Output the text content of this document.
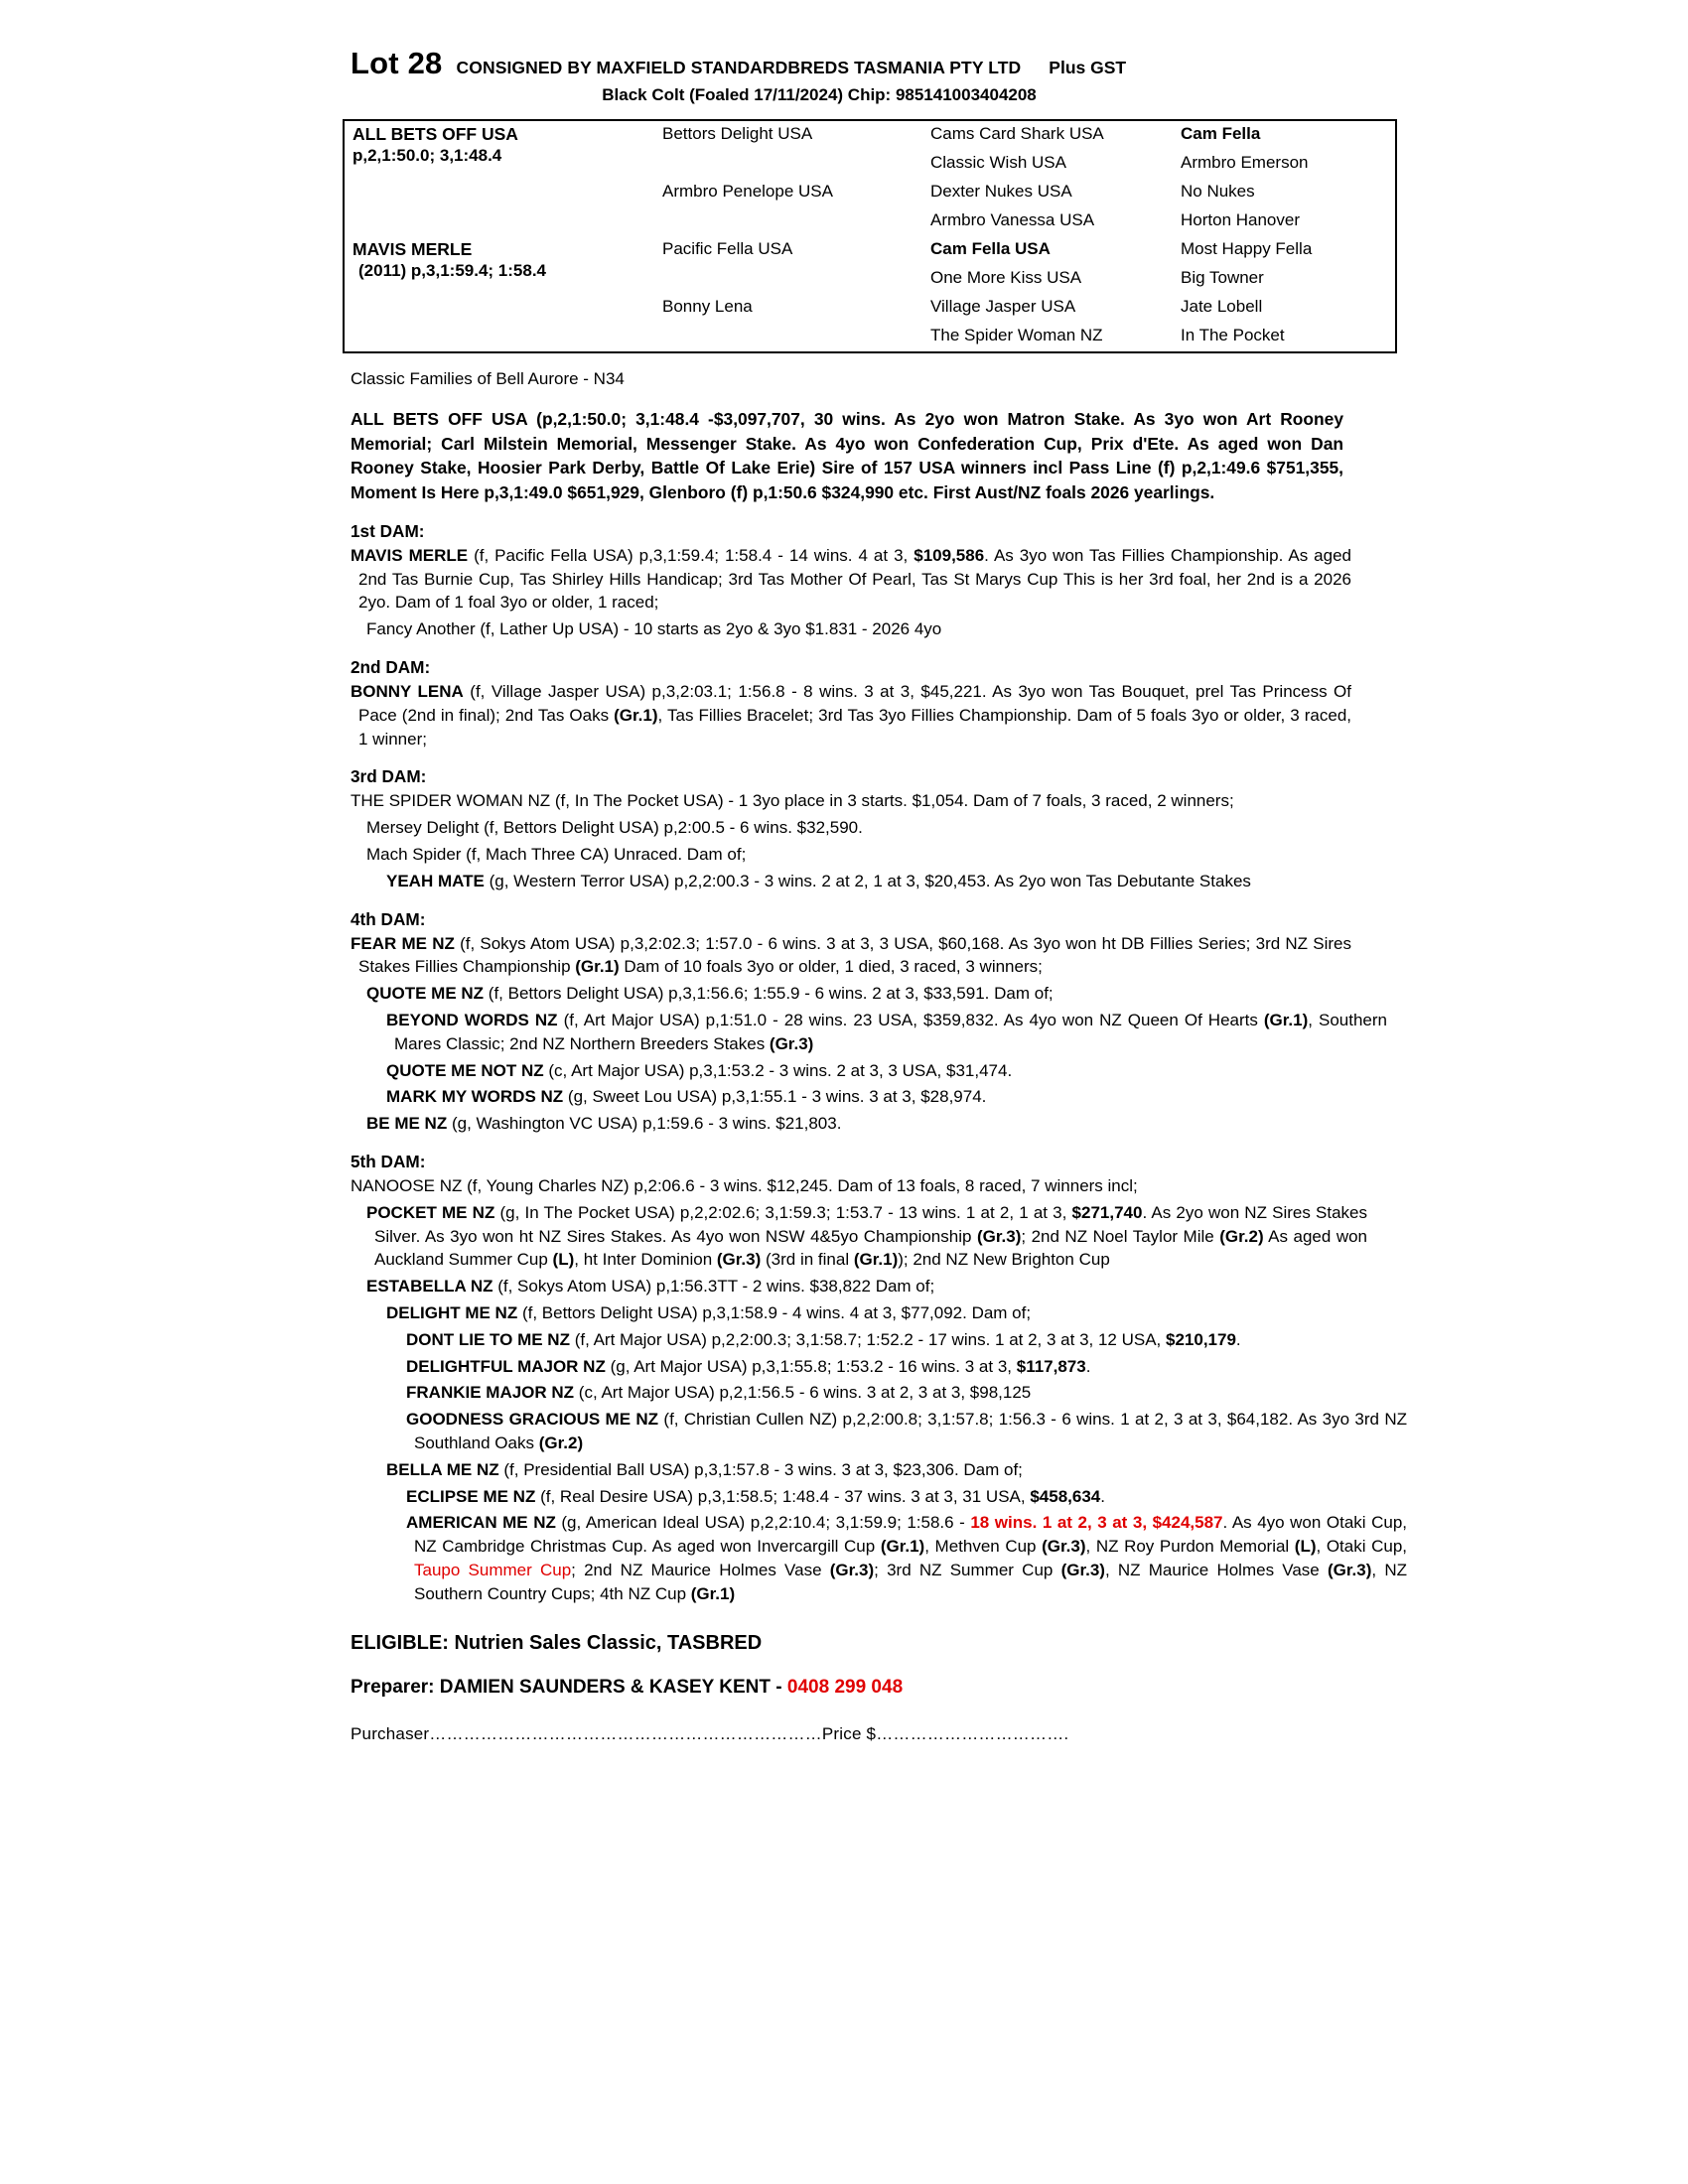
Lot 28 CONSIGNED BY MAXFIELD STANDARDBREDS TASMANIA PTY LTD Plus GST
Black Colt (Foaled 17/11/2024) Chip: 985141003404208
ALL BETS OFF USA
p,2,1:50.0; 3,1:48.4	Bettors Delight USA	Cams Card Shark USA	Cam Fella
		Classic Wish USA	Armbro Emerson
	Armbro Penelope USA	Dexter Nukes USA	No Nukes
		Armbro Vanessa USA	Horton Hanover

MAVIS MERLE
(2011) p,3,1:59.4; 1:58.4	Pacific Fella USA	Cam Fella USA	Most Happy Fella
		One More Kiss USA	Big Towner
	Bonny Lena	Village Jasper USA	Jate Lobell
		The Spider Woman NZ	In The Pocket
Classic Families of Bell Aurore - N34
ALL BETS OFF USA (p,2,1:50.0; 3,1:48.4 -$3,097,707, 30 wins. As 2yo won Matron Stake. As 3yo won Art Rooney Memorial; Carl Milstein Memorial, Messenger Stake. As 4yo won Confederation Cup, Prix d'Ete. As aged won Dan Rooney Stake, Hoosier Park Derby, Battle Of Lake Erie) Sire of 157 USA winners incl Pass Line (f) p,2,1:49.6 $751,355, Moment Is Here p,3,1:49.0 $651,929, Glenboro (f) p,1:50.6 $324,990 etc. First Aust/NZ foals 2026 yearlings.
1st DAM:
MAVIS MERLE (f, Pacific Fella USA) p,3,1:59.4; 1:58.4 - 14 wins. 4 at 3, $109,586. As 3yo won Tas Fillies Championship. As aged 2nd Tas Burnie Cup, Tas Shirley Hills Handicap; 3rd Tas Mother Of Pearl, Tas St Marys Cup This is her 3rd foal, her 2nd is a 2026 2yo. Dam of 1 foal 3yo or older, 1 raced;
Fancy Another (f, Lather Up USA) - 10 starts as 2yo & 3yo $1.831 - 2026 4yo
2nd DAM:
BONNY LENA (f, Village Jasper USA) p,3,2:03.1; 1:56.8 - 8 wins. 3 at 3, $45,221. As 3yo won Tas Bouquet, prel Tas Princess Of Pace (2nd in final); 2nd Tas Oaks (Gr.1), Tas Fillies Bracelet; 3rd Tas 3yo Fillies Championship. Dam of 5 foals 3yo or older, 3 raced, 1 winner;
3rd DAM:
THE SPIDER WOMAN NZ (f, In The Pocket USA) - 1 3yo place in 3 starts. $1,054. Dam of 7 foals, 3 raced, 2 winners;
Mersey Delight (f, Bettors Delight USA) p,2:00.5 - 6 wins. $32,590.
Mach Spider (f, Mach Three CA) Unraced. Dam of;
YEAH MATE (g, Western Terror USA) p,2,2:00.3 - 3 wins. 2 at 2, 1 at 3, $20,453. As 2yo won Tas Debutante Stakes
4th DAM:
FEAR ME NZ (f, Sokys Atom USA) p,3,2:02.3; 1:57.0 - 6 wins. 3 at 3, 3 USA, $60,168. As 3yo won ht DB Fillies Series; 3rd NZ Sires Stakes Fillies Championship (Gr.1) Dam of 10 foals 3yo or older, 1 died, 3 raced, 3 winners;
QUOTE ME NZ (f, Bettors Delight USA) p,3,1:56.6; 1:55.9 - 6 wins. 2 at 3, $33,591. Dam of;
BEYOND WORDS NZ (f, Art Major USA) p,1:51.0 - 28 wins. 23 USA, $359,832. As 4yo won NZ Queen Of Hearts (Gr.1), Southern Mares Classic; 2nd NZ Northern Breeders Stakes (Gr.3)
QUOTE ME NOT NZ (c, Art Major USA) p,3,1:53.2 - 3 wins. 2 at 3, 3 USA, $31,474.
MARK MY WORDS NZ (g, Sweet Lou USA) p,3,1:55.1 - 3 wins. 3 at 3, $28,974.
BE ME NZ (g, Washington VC USA) p,1:59.6 - 3 wins. $21,803.
5th DAM:
NANOOSE NZ (f, Young Charles NZ) p,2:06.6 - 3 wins. $12,245. Dam of 13 foals, 8 raced, 7 winners incl;
POCKET ME NZ (g, In The Pocket USA) p,2,2:02.6; 3,1:59.3; 1:53.7 - 13 wins. 1 at 2, 1 at 3, $271,740. As 2yo won NZ Sires Stakes Silver. As 3yo won ht NZ Sires Stakes. As 4yo won NSW 4&5yo Championship (Gr.3); 2nd NZ Noel Taylor Mile (Gr.2) As aged won Auckland Summer Cup (L), ht Inter Dominion (Gr.3) (3rd in final (Gr.1)); 2nd NZ New Brighton Cup
ESTABELLA NZ (f, Sokys Atom USA) p,1:56.3TT - 2 wins. $38,822 Dam of;
DELIGHT ME NZ (f, Bettors Delight USA) p,3,1:58.9 - 4 wins. 4 at 3, $77,092. Dam of;
DONT LIE TO ME NZ (f, Art Major USA) p,2,2:00.3; 3,1:58.7; 1:52.2 - 17 wins. 1 at 2, 3 at 3, 12 USA, $210,179.
DELIGHTFUL MAJOR NZ (g, Art Major USA) p,3,1:55.8; 1:53.2 - 16 wins. 3 at 3, $117,873.
FRANKIE MAJOR NZ (c, Art Major USA) p,2,1:56.5 - 6 wins. 3 at 2, 3 at 3, $98,125
GOODNESS GRACIOUS ME NZ (f, Christian Cullen NZ) p,2,2:00.8; 3,1:57.8; 1:56.3 - 6 wins. 1 at 2, 3 at 3, $64,182. As 3yo 3rd NZ Southland Oaks (Gr.2)
BELLA ME NZ (f, Presidential Ball USA) p,3,1:57.8 - 3 wins. 3 at 3, $23,306. Dam of;
ECLIPSE ME NZ (f, Real Desire USA) p,3,1:58.5; 1:48.4 - 37 wins. 3 at 3, 31 USA, $458,634.
AMERICAN ME NZ (g, American Ideal USA) p,2,2:10.4; 3,1:59.9; 1:58.6 - 18 wins. 1 at 2, 3 at 3, $424,587. As 4yo won Otaki Cup, NZ Cambridge Christmas Cup. As aged won Invercargill Cup (Gr.1), Methven Cup (Gr.3), NZ Roy Purdon Memorial (L), Otaki Cup, Taupo Summer Cup; 2nd NZ Maurice Holmes Vase (Gr.3); 3rd NZ Summer Cup (Gr.3), NZ Maurice Holmes Vase (Gr.3), NZ Southern Country Cups; 4th NZ Cup (Gr.1)
ELIGIBLE: Nutrien Sales Classic, TASBRED
Preparer: DAMIEN SAUNDERS & KASEY KENT - 0408 299 048
Purchaser……………………………………………………………Price $…………………………….
